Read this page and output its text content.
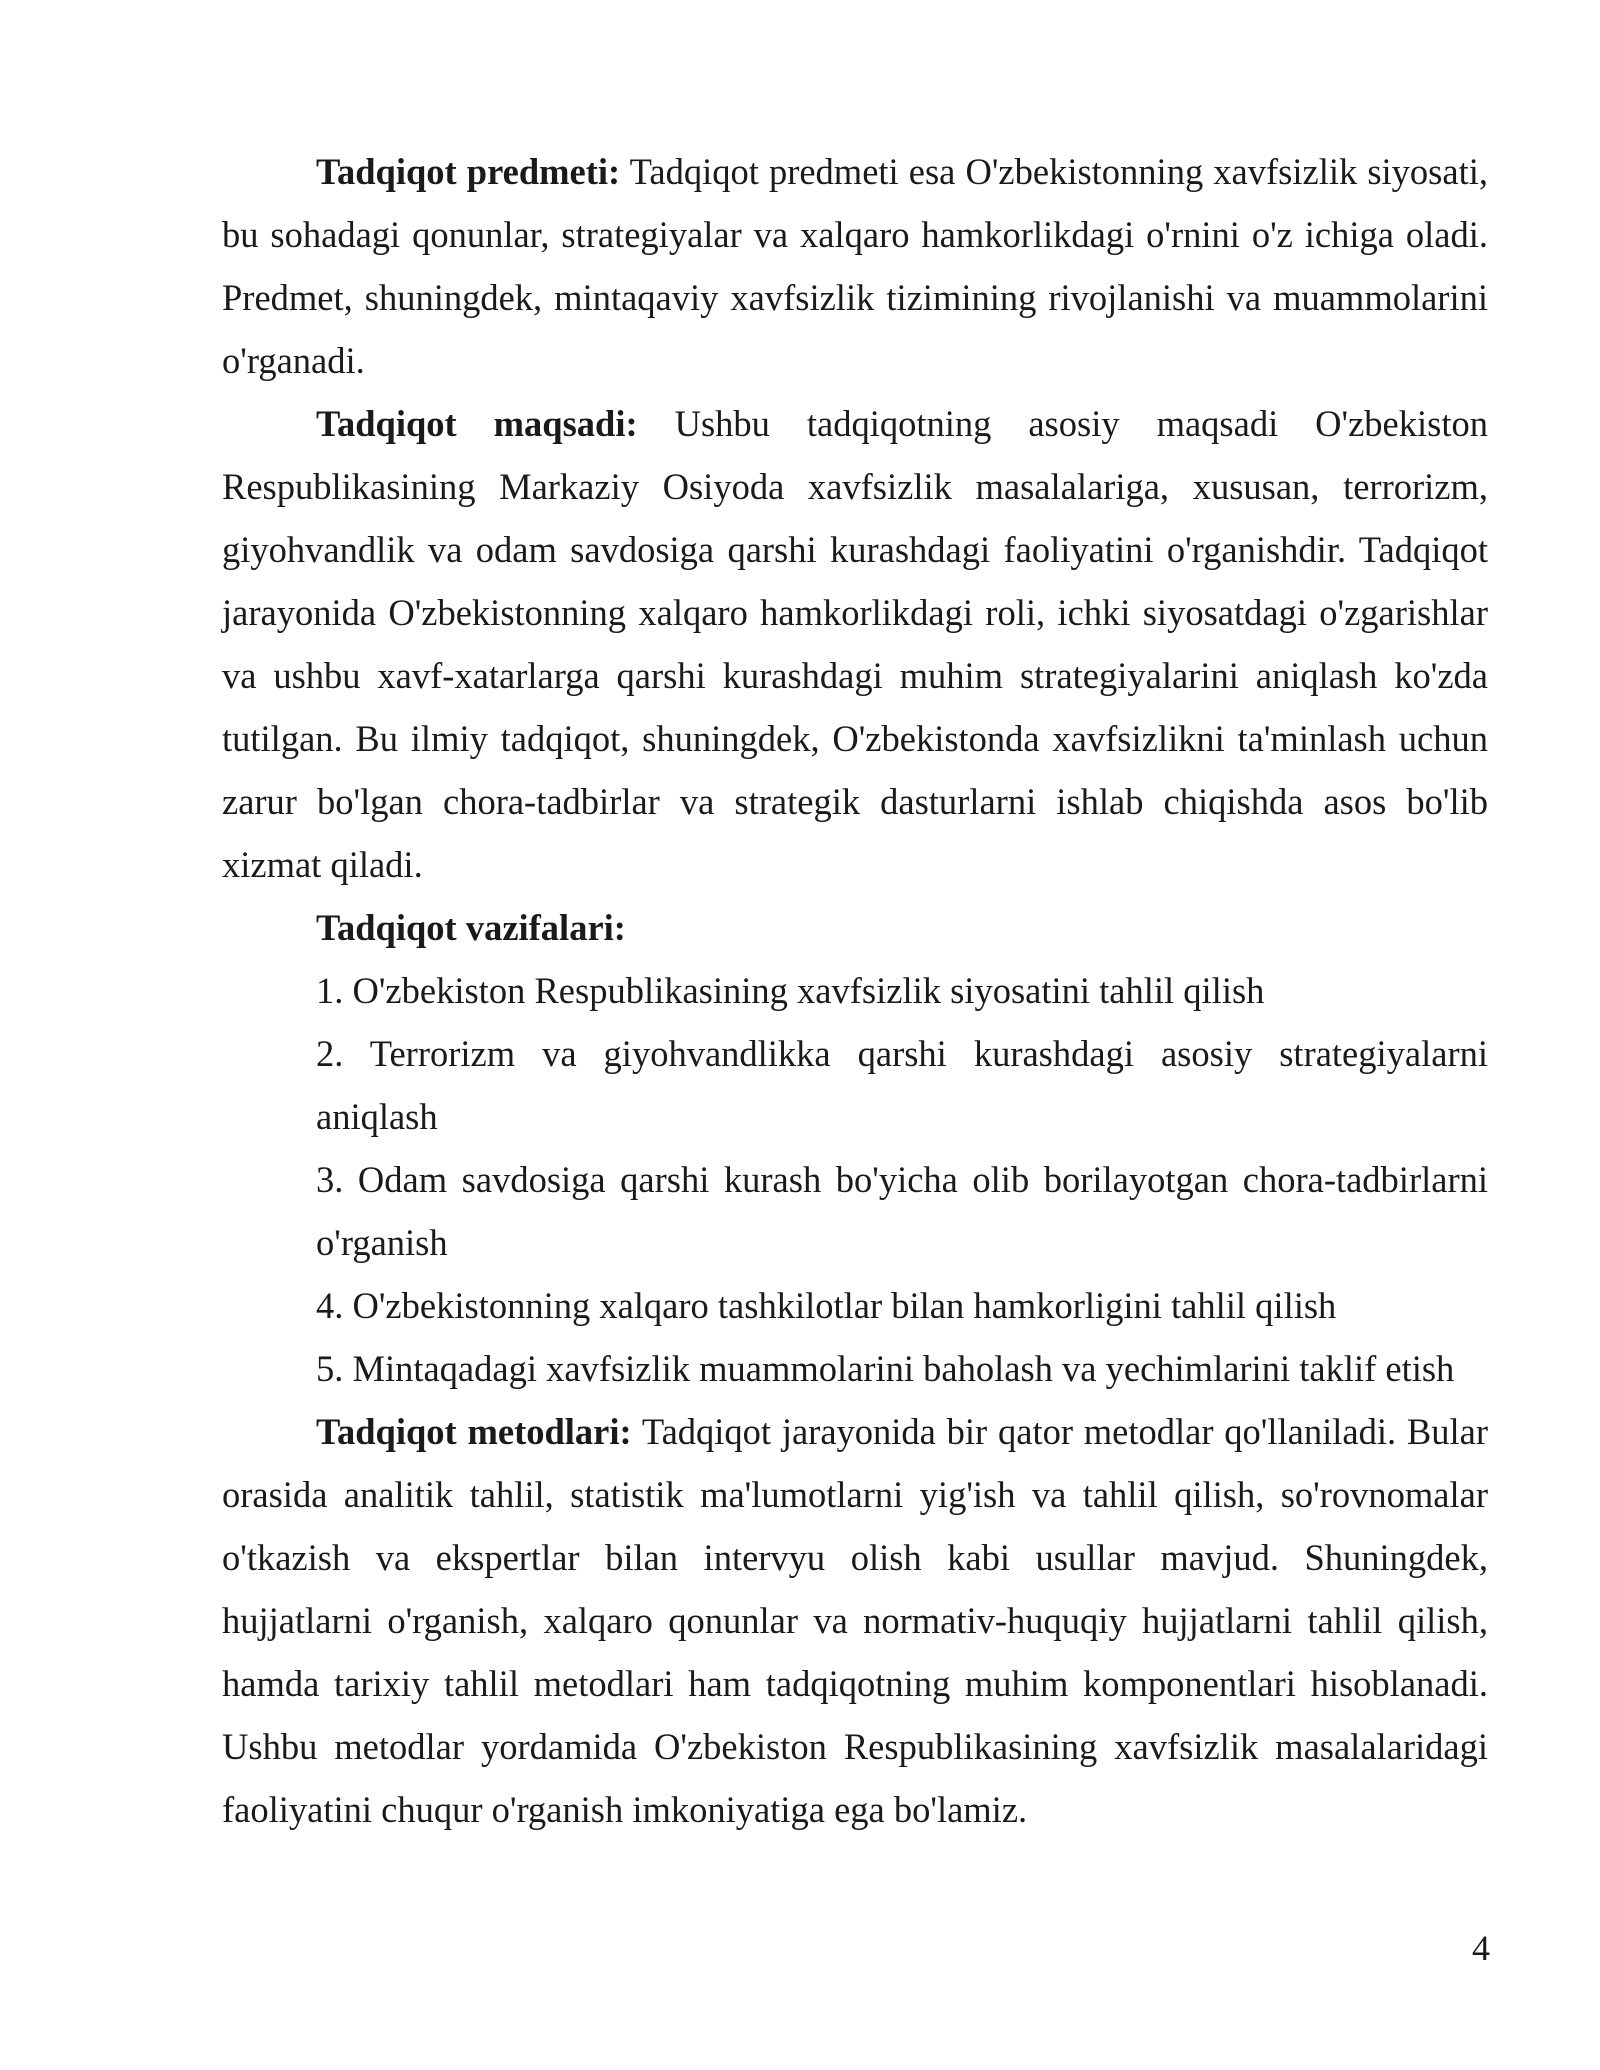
Tadqiqot predmeti: Tadqiqot predmeti esa O'zbekistonning xavfsizlik siyosati, bu sohadagi qonunlar, strategiyalar va xalqaro hamkorlikdagi o'rnini o'z ichiga oladi. Predmet, shuningdek, mintaqaviy xavfsizlik tizimining rivojlanishi va muammolarini o'rganadi.

Tadqiqot maqsadi: Ushbu tadqiqotning asosiy maqsadi O'zbekiston Respublikasining Markaziy Osiyoda xavfsizlik masalalariga, xususan, terrorizm, giyohvandlik va odam savdosiga qarshi kurashdagi faoliyatini o'rganishdir. Tadqiqot jarayonida O'zbekistonning xalqaro hamkorlikdagi roli, ichki siyosatdagi o'zgarishlar va ushbu xavf-xatarlarga qarshi kurashdagi muhim strategiyalarini aniqlash ko'zda tutilgan. Bu ilmiy tadqiqot, shuningdek, O'zbekistonda xavfsizlikni ta'minlash uchun zarur bo'lgan chora-tadbirlar va strategik dasturlarni ishlab chiqishda asos bo'lib xizmat qiladi.

Tadqiqot vazifalari:

1. O'zbekiston Respublikasining xavfsizlik siyosatini tahlil qilish

2. Terrorizm va giyohvandlikka qarshi kurashdagi asosiy strategiyalarni aniqlash

3. Odam savdosiga qarshi kurash bo'yicha olib borilayotgan chora-tadbirlarni o'rganish

4. O'zbekistonning xalqaro tashkilotlar bilan hamkorligini tahlil qilish

5. Mintaqadagi xavfsizlik muammolarini baholash va yechimlarini taklif etish

Tadqiqot metodlari: Tadqiqot jarayonida bir qator metodlar qo'llaniladi. Bular orasida analitik tahlil, statistik ma'lumotlarni yig'ish va tahlil qilish, so'rovnomalar o'tkazish va ekspertlar bilan intervyu olish kabi usullar mavjud. Shuningdek, hujjatlarni o'rganish, xalqaro qonunlar va normativ-huquqiy hujjatlarni tahlil qilish, hamda tarixiy tahlil metodlari ham tadqiqotning muhim komponentlari hisoblanadi. Ushbu metodlar yordamida O'zbekiston Respublikasining xavfsizlik masalalaridagi faoliyatini chuqur o'rganish imkoniyatiga ega bo'lamiz.

4
